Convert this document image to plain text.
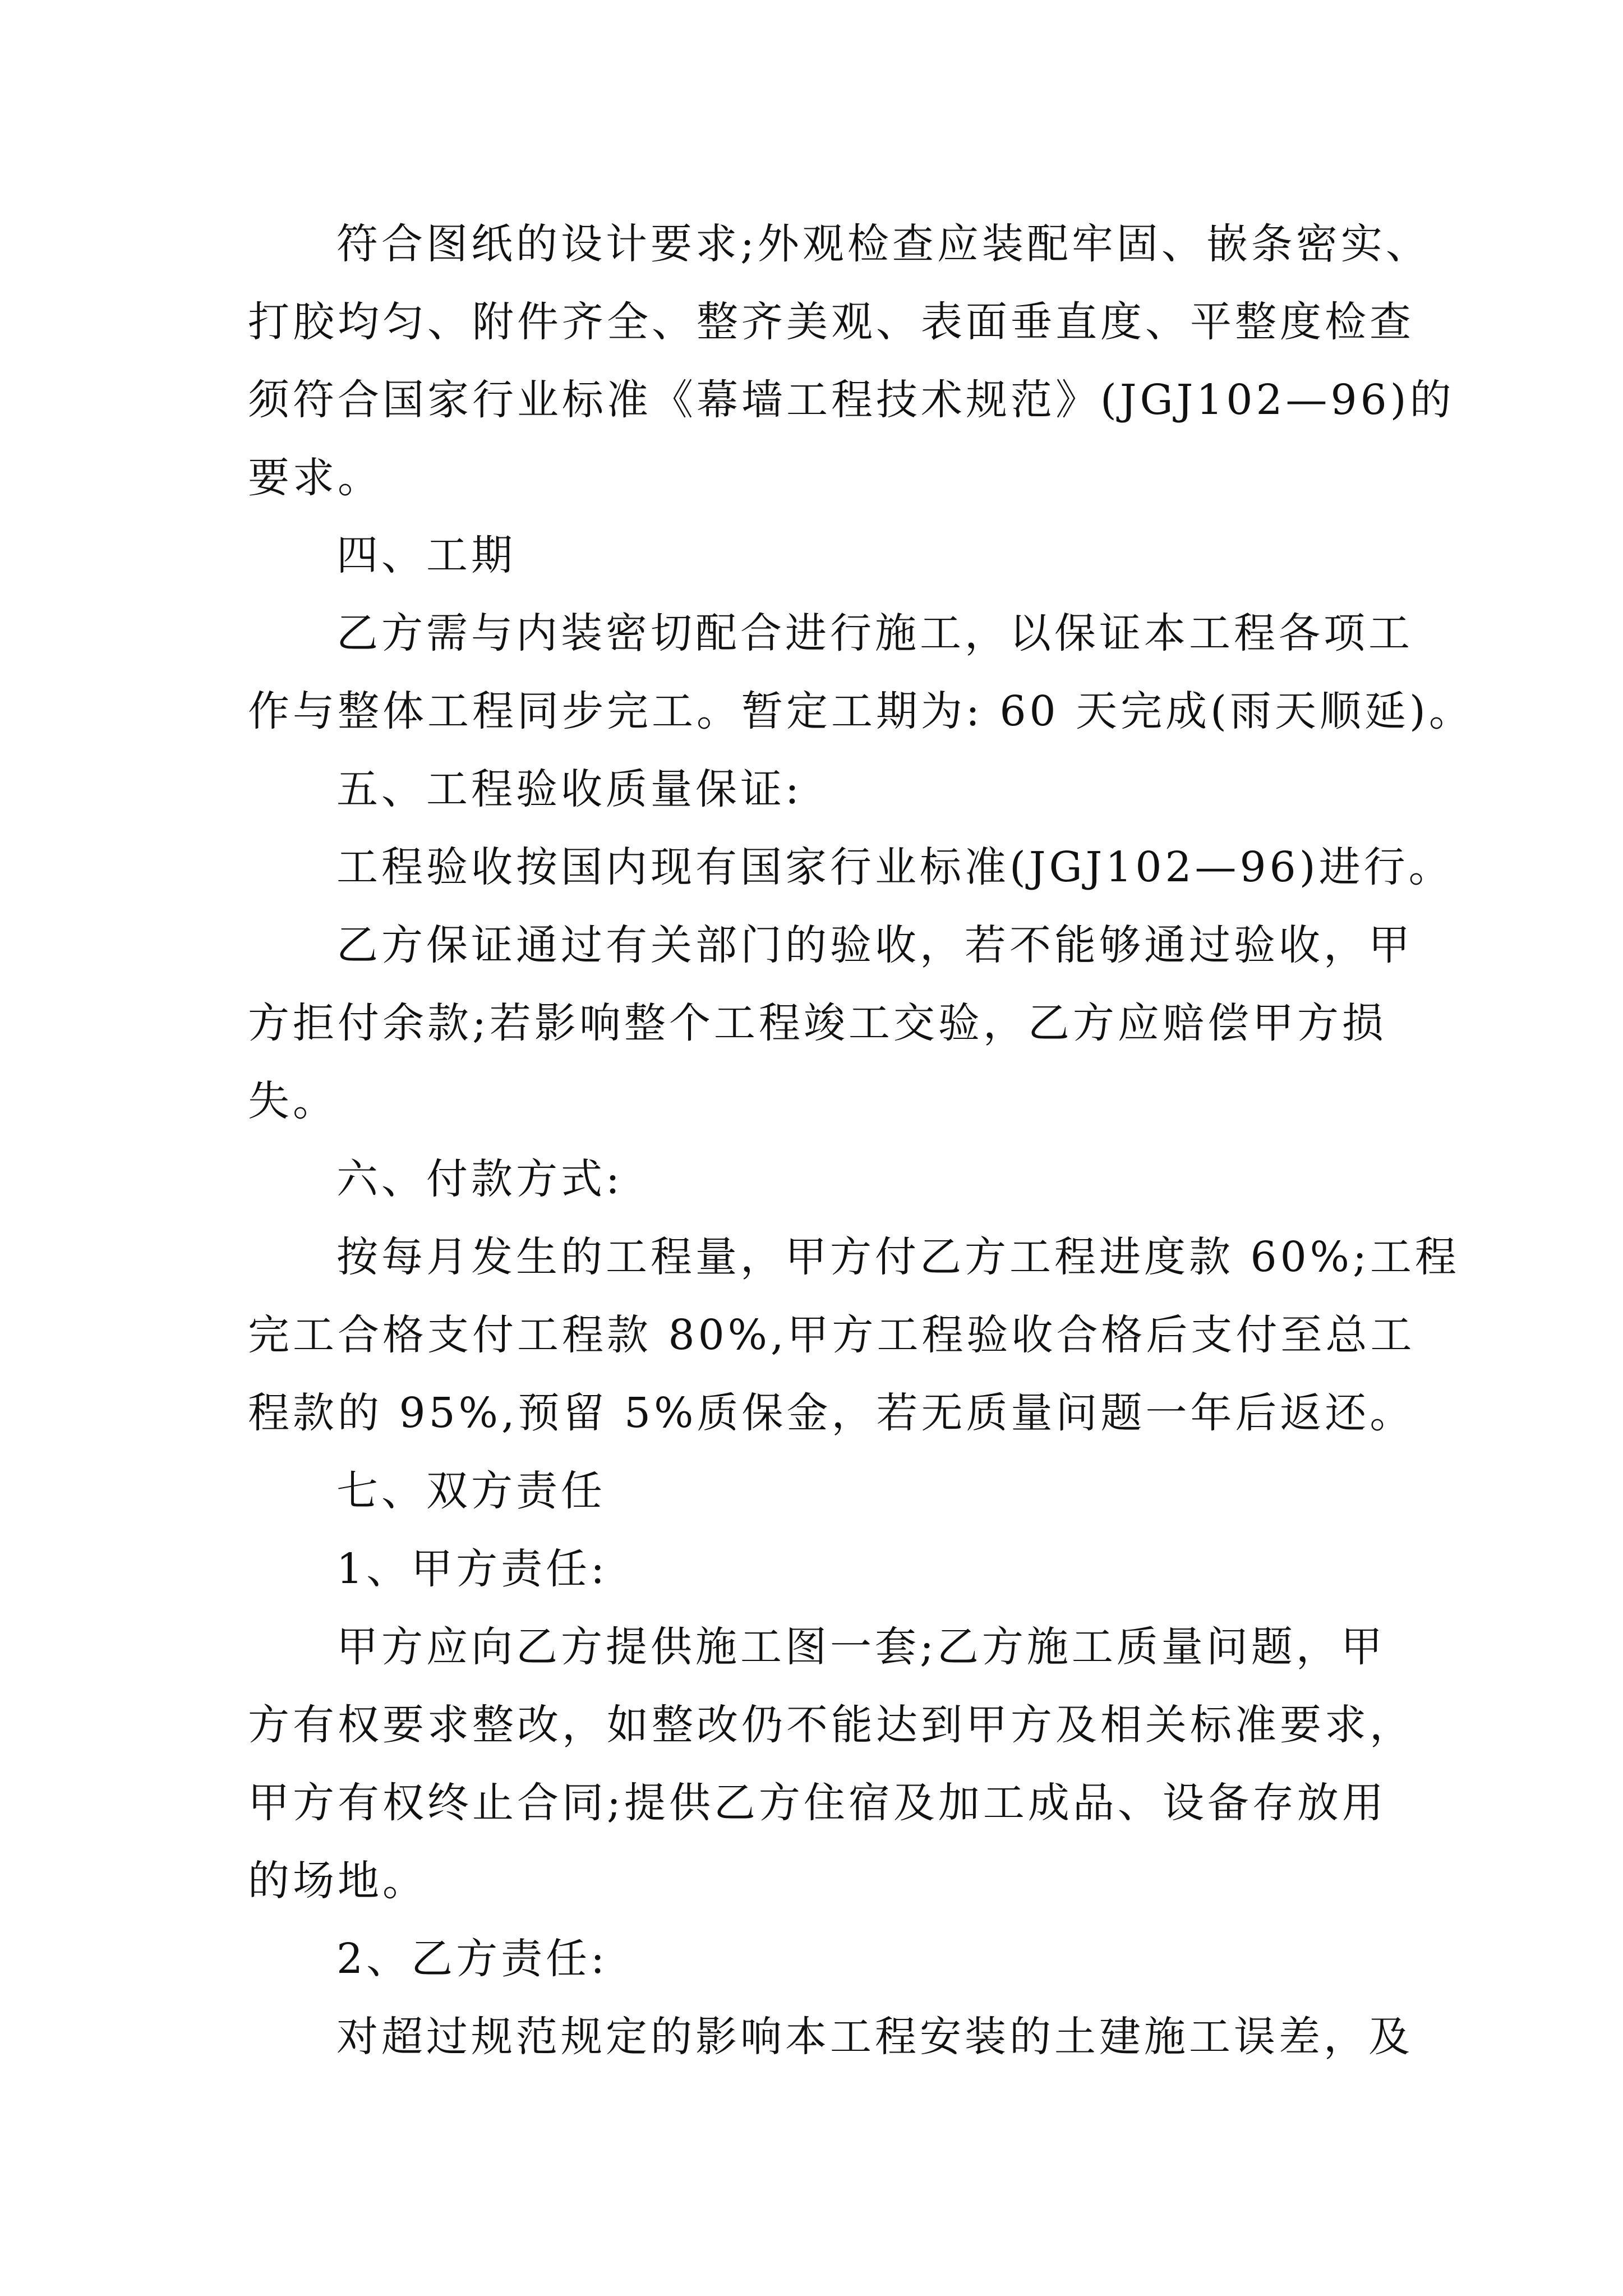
符合图纸的设计要求;外观检查应装配牢固、嵌条密实、
打胶均匀、附件齐全、整齐美观、表面垂直度、平整度检查
须符合国家行业标准《幕墙工程技术规范》(JGJ102—96)的
要求。
四、工期
乙方需与内装密切配合进行施工，以保证本工程各项工
作与整体工程同步完工。暂定工期为: 60 天完成(雨天顺延)。
五、工程验收质量保证:
工程验收按国内现有国家行业标准(JGJ102—96)进行。
乙方保证通过有关部门的验收，若不能够通过验收，甲
方拒付余款;若影响整个工程竣工交验，乙方应赔偿甲方损
失。
六、付款方式:
按每月发生的工程量，甲方付乙方工程进度款 60%;工程
完工合格支付工程款 80%,甲方工程验收合格后支付至总工
程款的 95%,预留 5%质保金，若无质量问题一年后返还。
七、双方责任
1、甲方责任:
甲方应向乙方提供施工图一套;乙方施工质量问题，甲
方有权要求整改，如整改仍不能达到甲方及相关标准要求，
甲方有权终止合同;提供乙方住宿及加工成品、设备存放用
的场地。
2、乙方责任:
对超过规范规定的影响本工程安装的土建施工误差，及
